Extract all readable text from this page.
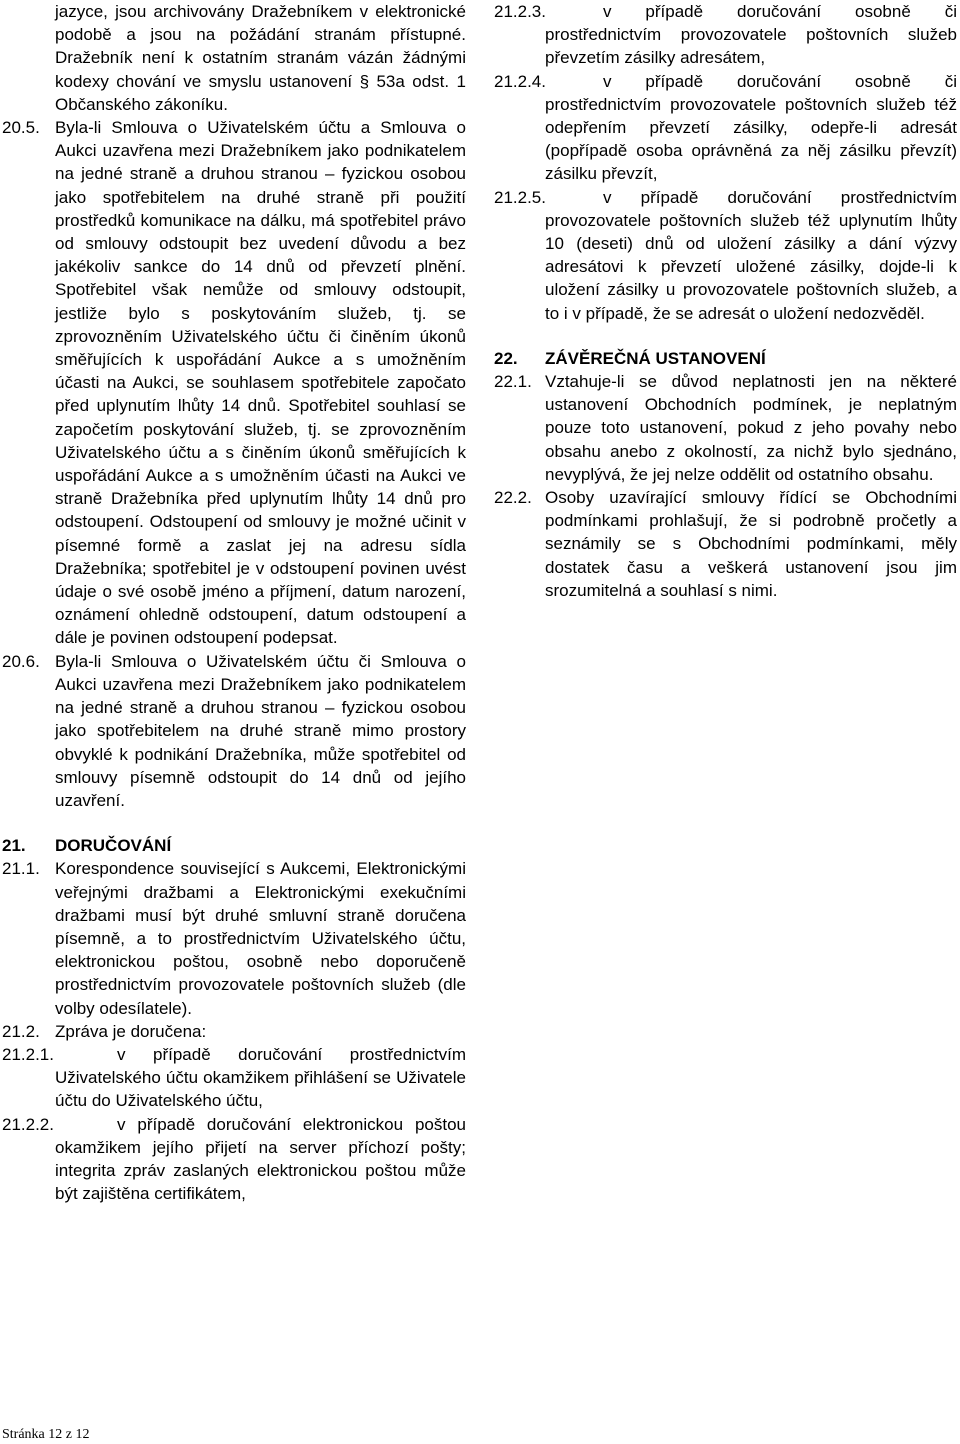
jazyce, jsou archivovány Dražebníkem v elektronické podobě a jsou na požádání stranám přístupné. Dražebník není k ostatním stranám vázán žádnými kodexy chování ve smyslu ustanovení § 53a odst. 1 Občanského zákoníku.
20.5. Byla-li Smlouva o Uživatelském účtu a Smlouva o Aukci uzavřena mezi Dražebníkem jako podnikatelem na jedné straně a druhou stranou – fyzickou osobou jako spotřebitelem na druhé straně při použití prostředků komunikace na dálku, má spotřebitel právo od smlouvy odstoupit bez uvedení důvodu a bez jakékoliv sankce do 14 dnů od převzetí plnění. Spotřebitel však nemůže od smlouvy odstoupit, jestliže bylo s poskytováním služeb, tj. se zprovozněním Uživatelského účtu či činěním úkonů směřujících k uspořádání Aukce a s umožněním účasti na Aukci, se souhlasem spotřebitele započato před uplynutím lhůty 14 dnů. Spotřebitel souhlasí se započetím poskytování služeb, tj. se zprovozněním Uživatelského účtu a s činěním úkonů směřujících k uspořádání Aukce a s umožněním účasti na Aukci ve straně Dražebníka před uplynutím lhůty 14 dnů pro odstoupení. Odstoupení od smlouvy je možné učinit v písemné formě a zaslat jej na adresu sídla Dražebníka; spotřebitel je v odstoupení povinen uvést údaje o své osobě jméno a příjmení, datum narození, oznámení ohledně odstoupení, datum odstoupení a dále je povinen odstoupení podepsat.
20.6. Byla-li Smlouva o Uživatelském účtu či Smlouva o Aukci uzavřena mezi Dražebníkem jako podnikatelem na jedné straně a druhou stranou – fyzickou osobou jako spotřebitelem na druhé straně mimo prostory obvyklé k podnikání Dražebníka, může spotřebitel od smlouvy písemně odstoupit do 14 dnů od jejího uzavření.
21. DORUČOVÁNÍ
21.1. Korespondence související s Aukcemi, Elektronickými veřejnými dražbami a Elektronickými exekučními dražbami musí být druhé smluvní straně doručena písemně, a to prostřednictvím Uživatelského účtu, elektronickou poštou, osobně nebo doporučeně prostřednictvím provozovatele poštovních služeb (dle volby odesílatele).
21.2. Zpráva je doručena:
21.2.1.	v případě doručování prostřednictvím Uživatelského účtu okamžikem přihlášení se Uživatele účtu do Uživatelského účtu,
21.2.2.	v případě doručování elektronickou poštou okamžikem jejího přijetí na server příchozí pošty; integrita zpráv zaslaných elektronickou poštou může být zajištěna certifikátem,
21.2.3.	v případě doručování osobně či prostřednictvím provozovatele poštovních služeb převzetím zásilky adresátem,
21.2.4.	v případě doručování osobně či prostřednictvím provozovatele poštovních služeb též odepřením převzetí zásilky, odepře-li adresát (popřípadě osoba oprávněná za něj zásilku převzít) zásilku převzít,
21.2.5.	v případě doručování prostřednictvím provozovatele poštovních služeb též uplynutím lhůty 10 (deseti) dnů od uložení zásilky a dání výzvy adresátovi k převzetí uložené zásilky, dojde-li k uložení zásilky u provozovatele poštovních služeb, a to i v případě, že se adresát o uložení nedozvěděl.
22. ZÁVĚREČNÁ USTANOVENÍ
22.1. Vztahuje-li se důvod neplatnosti jen na některé ustanovení Obchodních podmínek, je neplatným pouze toto ustanovení, pokud z jeho povahy nebo obsahu anebo z okolností, za nichž bylo sjednáno, nevyplývá, že jej nelze oddělit od ostatního obsahu.
22.2. Osoby uzavírající smlouvy řídící se Obchodními podmínkami prohlašují, že si podrobně pročetly a seznámily se s Obchodními podmínkami, měly dostatek času a veškerá ustanovení jsou jim srozumitelná a souhlasí s nimi.
Stránka 12 z 12
